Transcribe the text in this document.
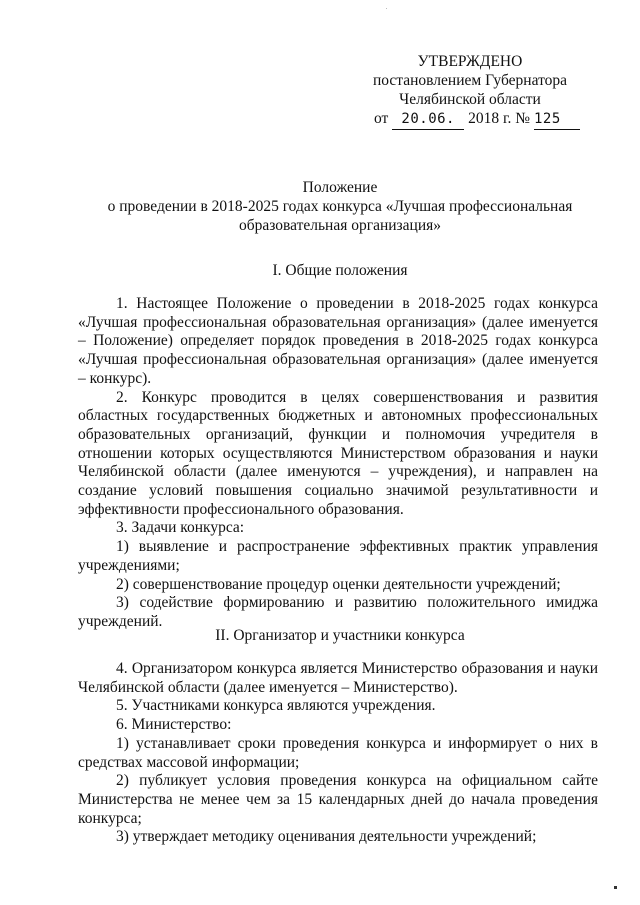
УТВЕРЖДЕНО
постановлением Губернатора
Челябинской области
от 20.06. 2018 г. № 125
Положение
о проведении в 2018-2025 годах конкурса «Лучшая профессиональная
образовательная организация»
I. Общие положения

1. Настоящее Положение о проведении в 2018-2025 годах конкурса «Лучшая профессиональная образовательная организация» (далее именуется – Положение) определяет порядок проведения в 2018-2025 годах конкурса «Лучшая профессиональная образовательная организация» (далее именуется – конкурс).

2. Конкурс проводится в целях совершенствования и развития областных государственных бюджетных и автономных профессиональных образовательных организаций, функции и полномочия учредителя в отношении которых осуществляются Министерством образования и науки Челябинской области (далее именуются – учреждения), и направлен на создание условий повышения социально значимой результативности и эффективности профессионального образования.

3. Задачи конкурса:

1) выявление и распространение эффективных практик управления учреждениями;

2) совершенствование процедур оценки деятельности учреждений;

3) содействие формированию и развитию положительного имиджа учреждений.

II. Организатор и участники конкурса

4. Организатором конкурса является Министерство образования и науки Челябинской области (далее именуется – Министерство).

5. Участниками конкурса являются учреждения.

6. Министерство:

1) устанавливает сроки проведения конкурса и информирует о них в средствах массовой информации;

2) публикует условия проведения конкурса на официальном сайте Министерства не менее чем за 15 календарных дней до начала проведения конкурса;

3) утверждает методику оценивания деятельности учреждений;
